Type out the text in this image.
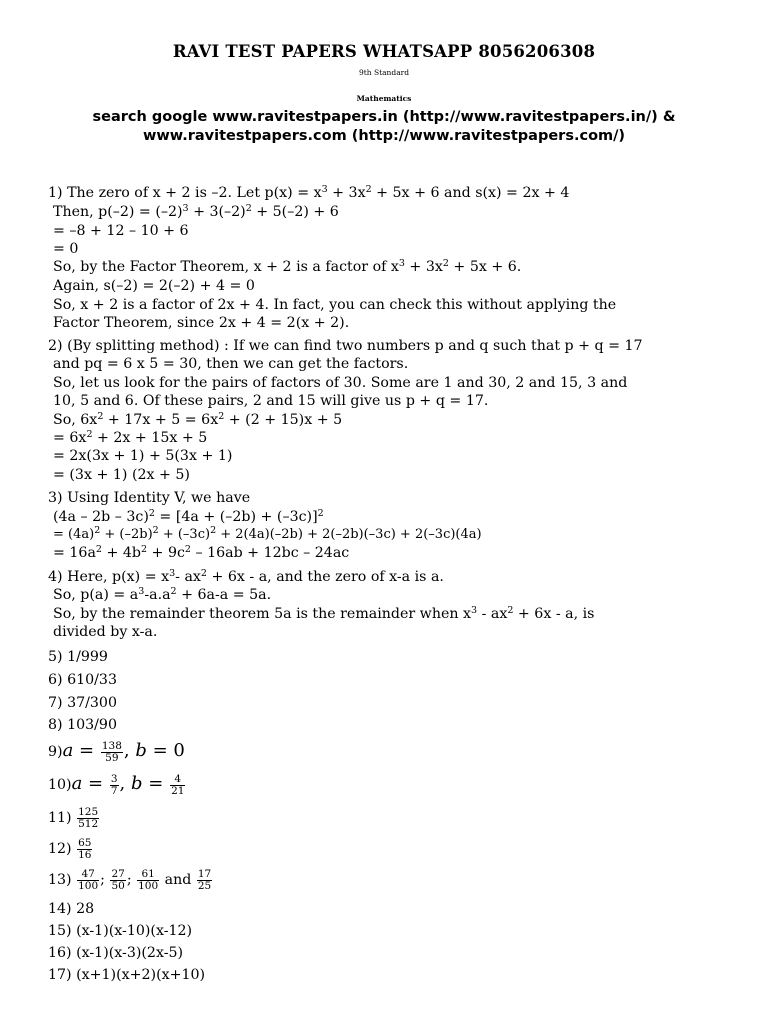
RAVI TEST PAPERS WHATSAPP 8056206308
9th Standard
Mathematics
search google www.ravitestpapers.in (http://www.ravitestpapers.in/) &
www.ravitestpapers.com (http://www.ravitestpapers.com/)
1) The zero of x + 2 is –2. Let $p(x) = x^3 + 3x^2 + 5x + 6$ and s(x) = 2x + 4
Then, $p(-2) = (-2)^3 + 3(-2)^2 + 5(-2) + 6$
= –8 + 12 – 10 + 6
= 0
So, by the Factor Theorem, x + 2 is a factor of $x^3 + 3x^2 + 5x + 6$.
Again, s(–2) = 2(–2) + 4 = 0
So, x + 2 is a factor of 2x + 4. In fact, you can check this without applying the
Factor Theorem, since 2x + 4 = 2(x + 2).
2) (By splitting method) : If we can find two numbers p and q such that p + q = 17
and pq = 6 x 5 = 30, then we can get the factors.
So, let us look for the pairs of factors of 30. Some are 1 and 30, 2 and 15, 3 and
10, 5 and 6. Of these pairs, 2 and 15 will give us p + q = 17.
So, $6x^2 + 17x + 5 = 6x^2 + (2 + 15)x + 5$
= $6x^2 + 2x + 15x + 5$
= 2x(3x + 1) + 5(3x + 1)
= (3x + 1) (2x + 5)
3) Using Identity V, we have
$(4a - 2b - 3c)^2 = [4a + (-2b) + (-3c)]^2$
= $(4a)^2 + (-2b)^2 + (-3c)^2 + 2(4a)(-2b) + 2(-2b)(-3c) + 2(-3c)(4a)$
= $16a^2 + 4b^2 + 9c^2 - 16ab + 12bc - 24ac$
4) Here, $p(x) = x^3-$ $ax^2 + 6x - a$, and the zero of x-a is a.
So, $p(a) = a^3-a.a^2 + 6a-a = 5a$.
So, by the remainder theorem 5a is the remainder when $x^3 - ax^2 + 6x - a$, is
divided by x-a.
5) 1/999
6) 610/33
7) 37/300
8) 103/90
$9)a = \frac{138}{59}$ , b = 0
$10)a = \frac{3}{7}$ , $b = \frac{4}{21}$
$11) \frac{125}{512}$
$12) \frac{65}{16}$
$13) \frac{47}{100}$ ; $\frac{27}{50}$ ; $\frac{61}{100}$ and $\frac{17}{25}$
14) 28
15) (x-1)(x-10)(x-12)
16) (x-1)(x-3)(2x-5)
17) (x+1)(x+2)(x+10)
